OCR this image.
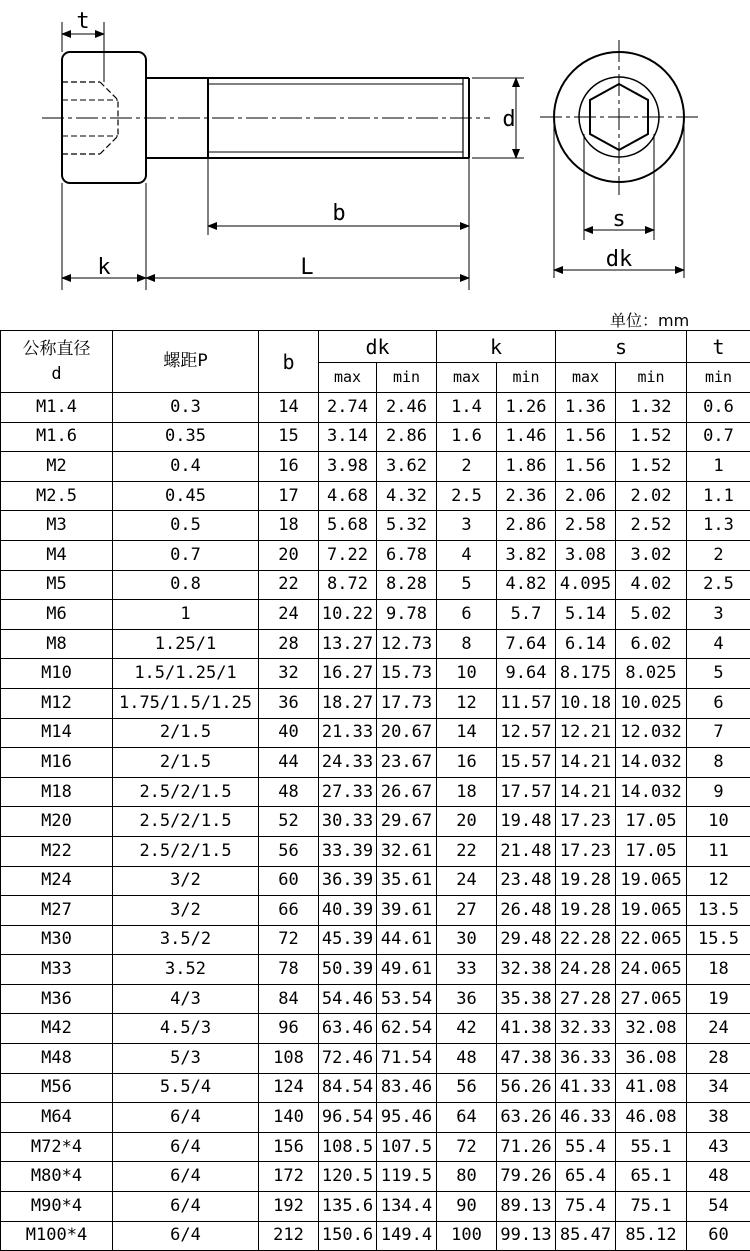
t
d
b
k	L
s
dk
单位：mm
公称直径
d	螺距P	b	dk		k		s		t
			max	min	max	min	max	min	min
M1.4	0.3	14	2.74	2.46	1.4	1.26	1.36	1.32	0.6
M1.6	0.35	15	3.14	2.86	1.6	1.46	1.56	1.52	0.7
M2	0.4	16	3.98	3.62	2	1.86	1.56	1.52	1
M2.5	0.45	17	4.68	4.32	2.5	2.36	2.06	2.02	1.1
M3	0.5	18	5.68	5.32	3	2.86	2.58	2.52	1.3
M4	0.7	20	7.22	6.78	4	3.82	3.08	3.02	2
M5	0.8	22	8.72	8.28	5	4.82	4.095	4.02	2.5
M6	1	24	10.22	9.78	6	5.7	5.14	5.02	3
M8	1.25/1	28	13.27	12.73	8	7.64	6.14	6.02	4
M10	1.5/1.25/1	32	16.27	15.73	10	9.64	8.175	8.025	5
M12	1.75/1.5/1.25	36	18.27	17.73	12	11.57	10.18	10.025	6
M14	2/1.5	40	21.33	20.67	14	12.57	12.21	12.032	7
M16	2/1.5	44	24.33	23.67	16	15.57	14.21	14.032	8
M18	2.5/2/1.5	48	27.33	26.67	18	17.57	14.21	14.032	9
M20	2.5/2/1.5	52	30.33	29.67	20	19.48	17.23	17.05	10
M22	2.5/2/1.5	56	33.39	32.61	22	21.48	17.23	17.05	11
M24	3/2	60	36.39	35.61	24	23.48	19.28	19.065	12
M27	3/2	66	40.39	39.61	27	26.48	19.28	19.065	13.5
M30	3.5/2	72	45.39	44.61	30	29.48	22.28	22.065	15.5
M33	3.52	78	50.39	49.61	33	32.38	24.28	24.065	18
M36	4/3	84	54.46	53.54	36	35.38	27.28	27.065	19
M42	4.5/3	96	63.46	62.54	42	41.38	32.33	32.08	24
M48	5/3	108	72.46	71.54	48	47.38	36.33	36.08	28
M56	5.5/4	124	84.54	83.46	56	56.26	41.33	41.08	34
M64	6/4	140	96.54	95.46	64	63.26	46.33	46.08	38
M72*4	6/4	156	108.5	107.5	72	71.26	55.4	55.1	43
M80*4	6/4	172	120.5	119.5	80	79.26	65.4	65.1	48
M90*4	6/4	192	135.6	134.4	90	89.13	75.4	75.1	54
M100*4	6/4	212	150.6	149.4	100	99.13	85.47	85.12	60
